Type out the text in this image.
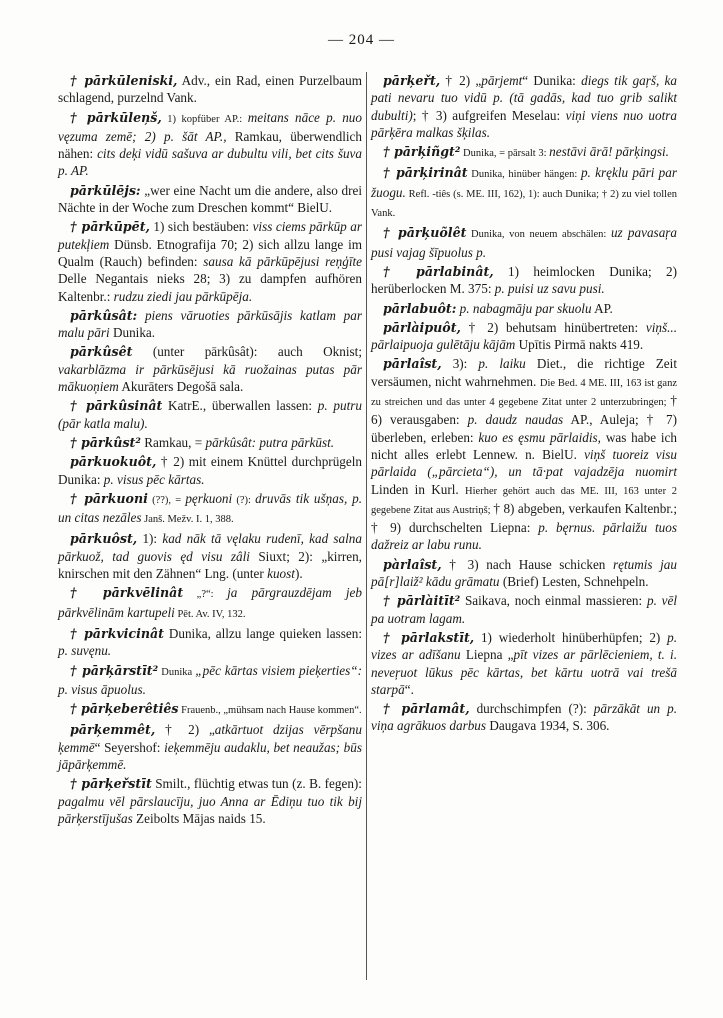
— 204 —

† pārkūleniski, Adv., ein Rad, einen Purzelbaum schlagend, purzelnd Vank.

† pārkūleņš, 1) kopfüber AP.: meitans nāce p. nuo vęzuma zemē; 2) p. šāt AP., Ramkau, überwendlich nähen: cits deķi vidū sašuva ar dubultu vili, bet cits šuva p. AP.

pārkūlējs: „wer eine Nacht um die andere, also drei Nächte in der Woche zum Dreschen kommt“ BielU.

† pārkūpēt, 1) sich bestäuben: viss ciems pārkūp ar putekļiem Dünsb. Etnografija 70; 2) sich allzu lange im Qualm (Rauch) befinden: sausa kā pārkūpējusi reņģīte Delle Negantais nieks 28; 3) zu dampfen aufhören Kaltenbr.: rudzu ziedi jau pārkūpēja.

pārkûsât: piens vāruoties pārkūsājis katlam par malu pāri Dunika.

pārkûsêt (unter pārkûsât): auch Oknist; vakarblāzma ir pārkūsējusi kā ruožainas putas pār mākuoņiem Akurāters Degošā sala.

† pārkûsinât KatrE., überwallen lassen: p. putru (pār katla malu).

† pārkûst² Ramkau, = pārkûsât: putra pārkūst.

pārkuokuôt, † 2) mit einem Knüttel durchprügeln Dunika: p. visus pēc kārtas.

† pārkuoni (??), = pęrkuoni (?): druvās tik ušņas, p. un citas nezāles Janš. Mežv. I. 1, 388.

pārkuôst, 1): kad nāk tā vęlaku rudenī, kad salna pārkuož, tad guovis ęd visu zâli Siuxt; 2): „kirren, knirschen mit den Zähnen“ Lng. (unter kuost).

† pārkvēlinât „?“: ja pārgrauzdējam jeb pārkvēlinām kartupeli Pēt. Av. IV, 132.

† pārkvicinât Dunika, allzu lange quieken lassen: p. suvęnu.

† pārķārstīt² Dunika „pēc kārtas visiem pieķerties“: p. visus āpuolus.

† pārķeberêtiês Frauenb., „mühsam nach Hause kommen“.

pārķemmêt, † 2) „atkārtuot dzijas vērpšanu ķemmē“ Seyershof: ieķemmēju audaklu, bet neaužas; būs jāpārķemmē.

† pārķeřstīt Smilt., flüchtig etwas tun (z. B. fegen): pagalmu vēl pārslaucīju, juo Anna ar Ēdiņu tuo tik bij pārķerstījušas Zeibolts Mājas naids 15.

pārķeřt, † 2) „pārjemt“ Dunika: diegs tik gaŗš, ka pati nevaru tuo vidū p. (tā gadās, kad tuo grib salikt dubulti); † 3) aufgreifen Meselau: viņi viens nuo uotra pārķēra malkas šķilas.

† pārķiñgt² Dunika, = pārsalt 3: nestāvi ārā! pārķingsi.

† pārķirinât Dunika, hinüber hängen: p. kręklu pāri par žuogu. Refl. -tiês (s. ME. III, 162), 1): auch Dunika; † 2) zu viel tollen Vank.

† pārķuõlêt Dunika, von neuem abschälen: uz pavasaŗa pusi vajag šīpuolus p.

† pārlabinât, 1) heimlocken Dunika; 2) herüberlocken M. 375: p. puisi uz savu pusi.

pārlabuôt: p. nabagmāju par skuolu AP.

pārlàipuôt, † 2) behutsam hinübertreten: viņš... pārlaipuoja gulētāju kājām Upītis Pirmā nakts 419.

pārlaîst, 3): p. laiku Diet., die richtige Zeit versäumen, nicht wahrnehmen. Die Bed. 4 ME. III, 163 ist ganz zu streichen und das unter 4 gegebene Zitat unter 2 unterzubringen; † 6) verausgaben: p. daudz naudas AP., Auleja; † 7) überleben, erleben: kuo es ęsmu pārlaidis, was habe ich nicht alles erlebt Lennew. n. BielU. viņš tuoreiz visu pārlaida („pārcieta“), un tā·pat vajadzēja nuomirt Linden in Kurl. Hierher gehört auch das ME. III, 163 unter 2 gegebene Zitat aus Austriņš; † 8) abgeben, verkaufen Kaltenbr.; † 9) durchschelten Liepna: p. bęrnus. pārlaižu tuos dažreiz ar labu runu.

pàrlaîst, † 3) nach Hause schicken rętumis jau pā[r]laiž² kādu grāmatu (Brief) Lesten, Schnehpeln.

† pārlàitīt² Saikava, noch einmal massieren: p. vēl pa uotram lagam.

† pārlakstīt, 1) wiederholt hinüberhüpfen; 2) p. vizes ar adīšanu Liepna „pīt vizes ar pārlēcieniem, t. i. neveŗuot lūkus pēc kārtas, bet kārtu uotrā vai trešā starpā“.

† pārlamât, durchschimpfen (?): pārzākāt un p. viņa agrākuos darbus Daugava 1934, S. 306.
